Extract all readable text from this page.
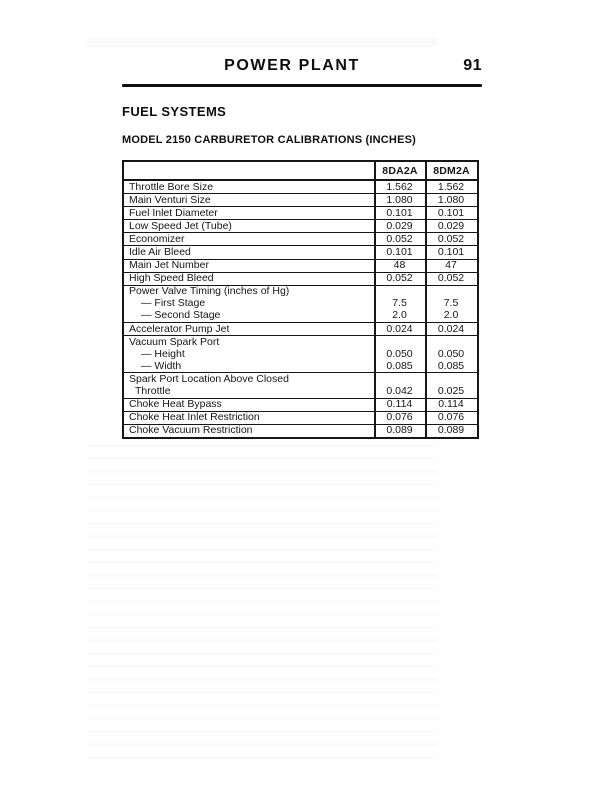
POWER PLANT	91
FUEL SYSTEMS
MODEL 2150 CARBURETOR CALIBRATIONS (INCHES)
	8DA2A	8DM2A
Throttle Bore Size	1.562	1.562
Main Venturi Size	1.080	1.080
Fuel Inlet Diameter	0.101	0.101
Low Speed Jet (Tube)	0.029	0.029
Economizer	0.052	0.052
Idle Air Bleed	0.101	0.101
Main Jet Number	48	47
High Speed Bleed	0.052	0.052
Power Valve Timing (inches of Hg)		
— First Stage	7.5	7.5
— Second Stage	2.0	2.0
Accelerator Pump Jet	0.024	0.024
Vacuum Spark Port		
— Height	0.050	0.050
— Width	0.085	0.085
Spark Port Location Above Closed		
Throttle	0.042	0.025
Choke Heat Bypass	0.114	0.114
Choke Heat Inlet Restriction	0.076	0.076
Choke Vacuum Restriction	0.089	0.089
